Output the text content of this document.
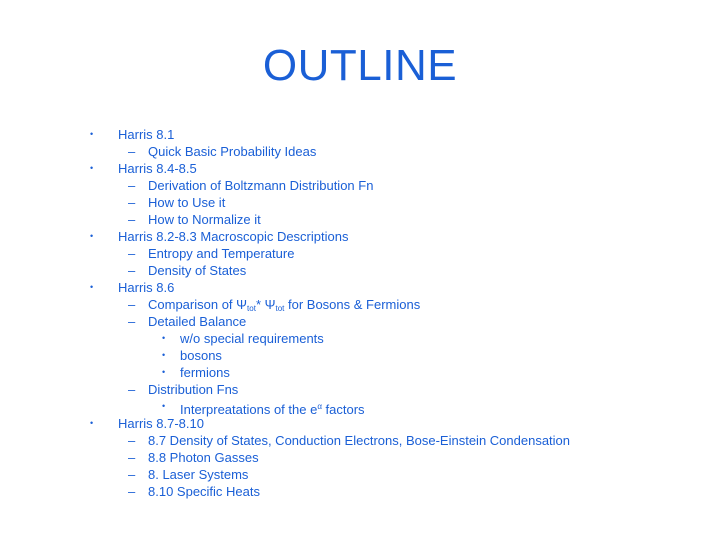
OUTLINE
• Harris 8.1
– Quick Basic Probability Ideas
• Harris 8.4-8.5
– Derivation of Boltzmann Distribution Fn
– How to Use it
– How to Normalize it
• Harris 8.2-8.3 Macroscopic Descriptions
– Entropy and Temperature
– Density of States
• Harris 8.6
– Comparison of $\Psi_{tot}*$ $\Psi_{tot}$ for Bosons & Fermions
– Detailed Balance
• w/o special requirements
• bosons
• fermions
– Distribution Fns
• Interpreatations of the $e^\alpha$ factors
• Harris 8.7-8.10
– 8.7 Density of States, Conduction Electrons, Bose-Einstein Condensation
– 8.8 Photon Gasses
– 8. Laser Systems
– 8.10 Specific Heats
